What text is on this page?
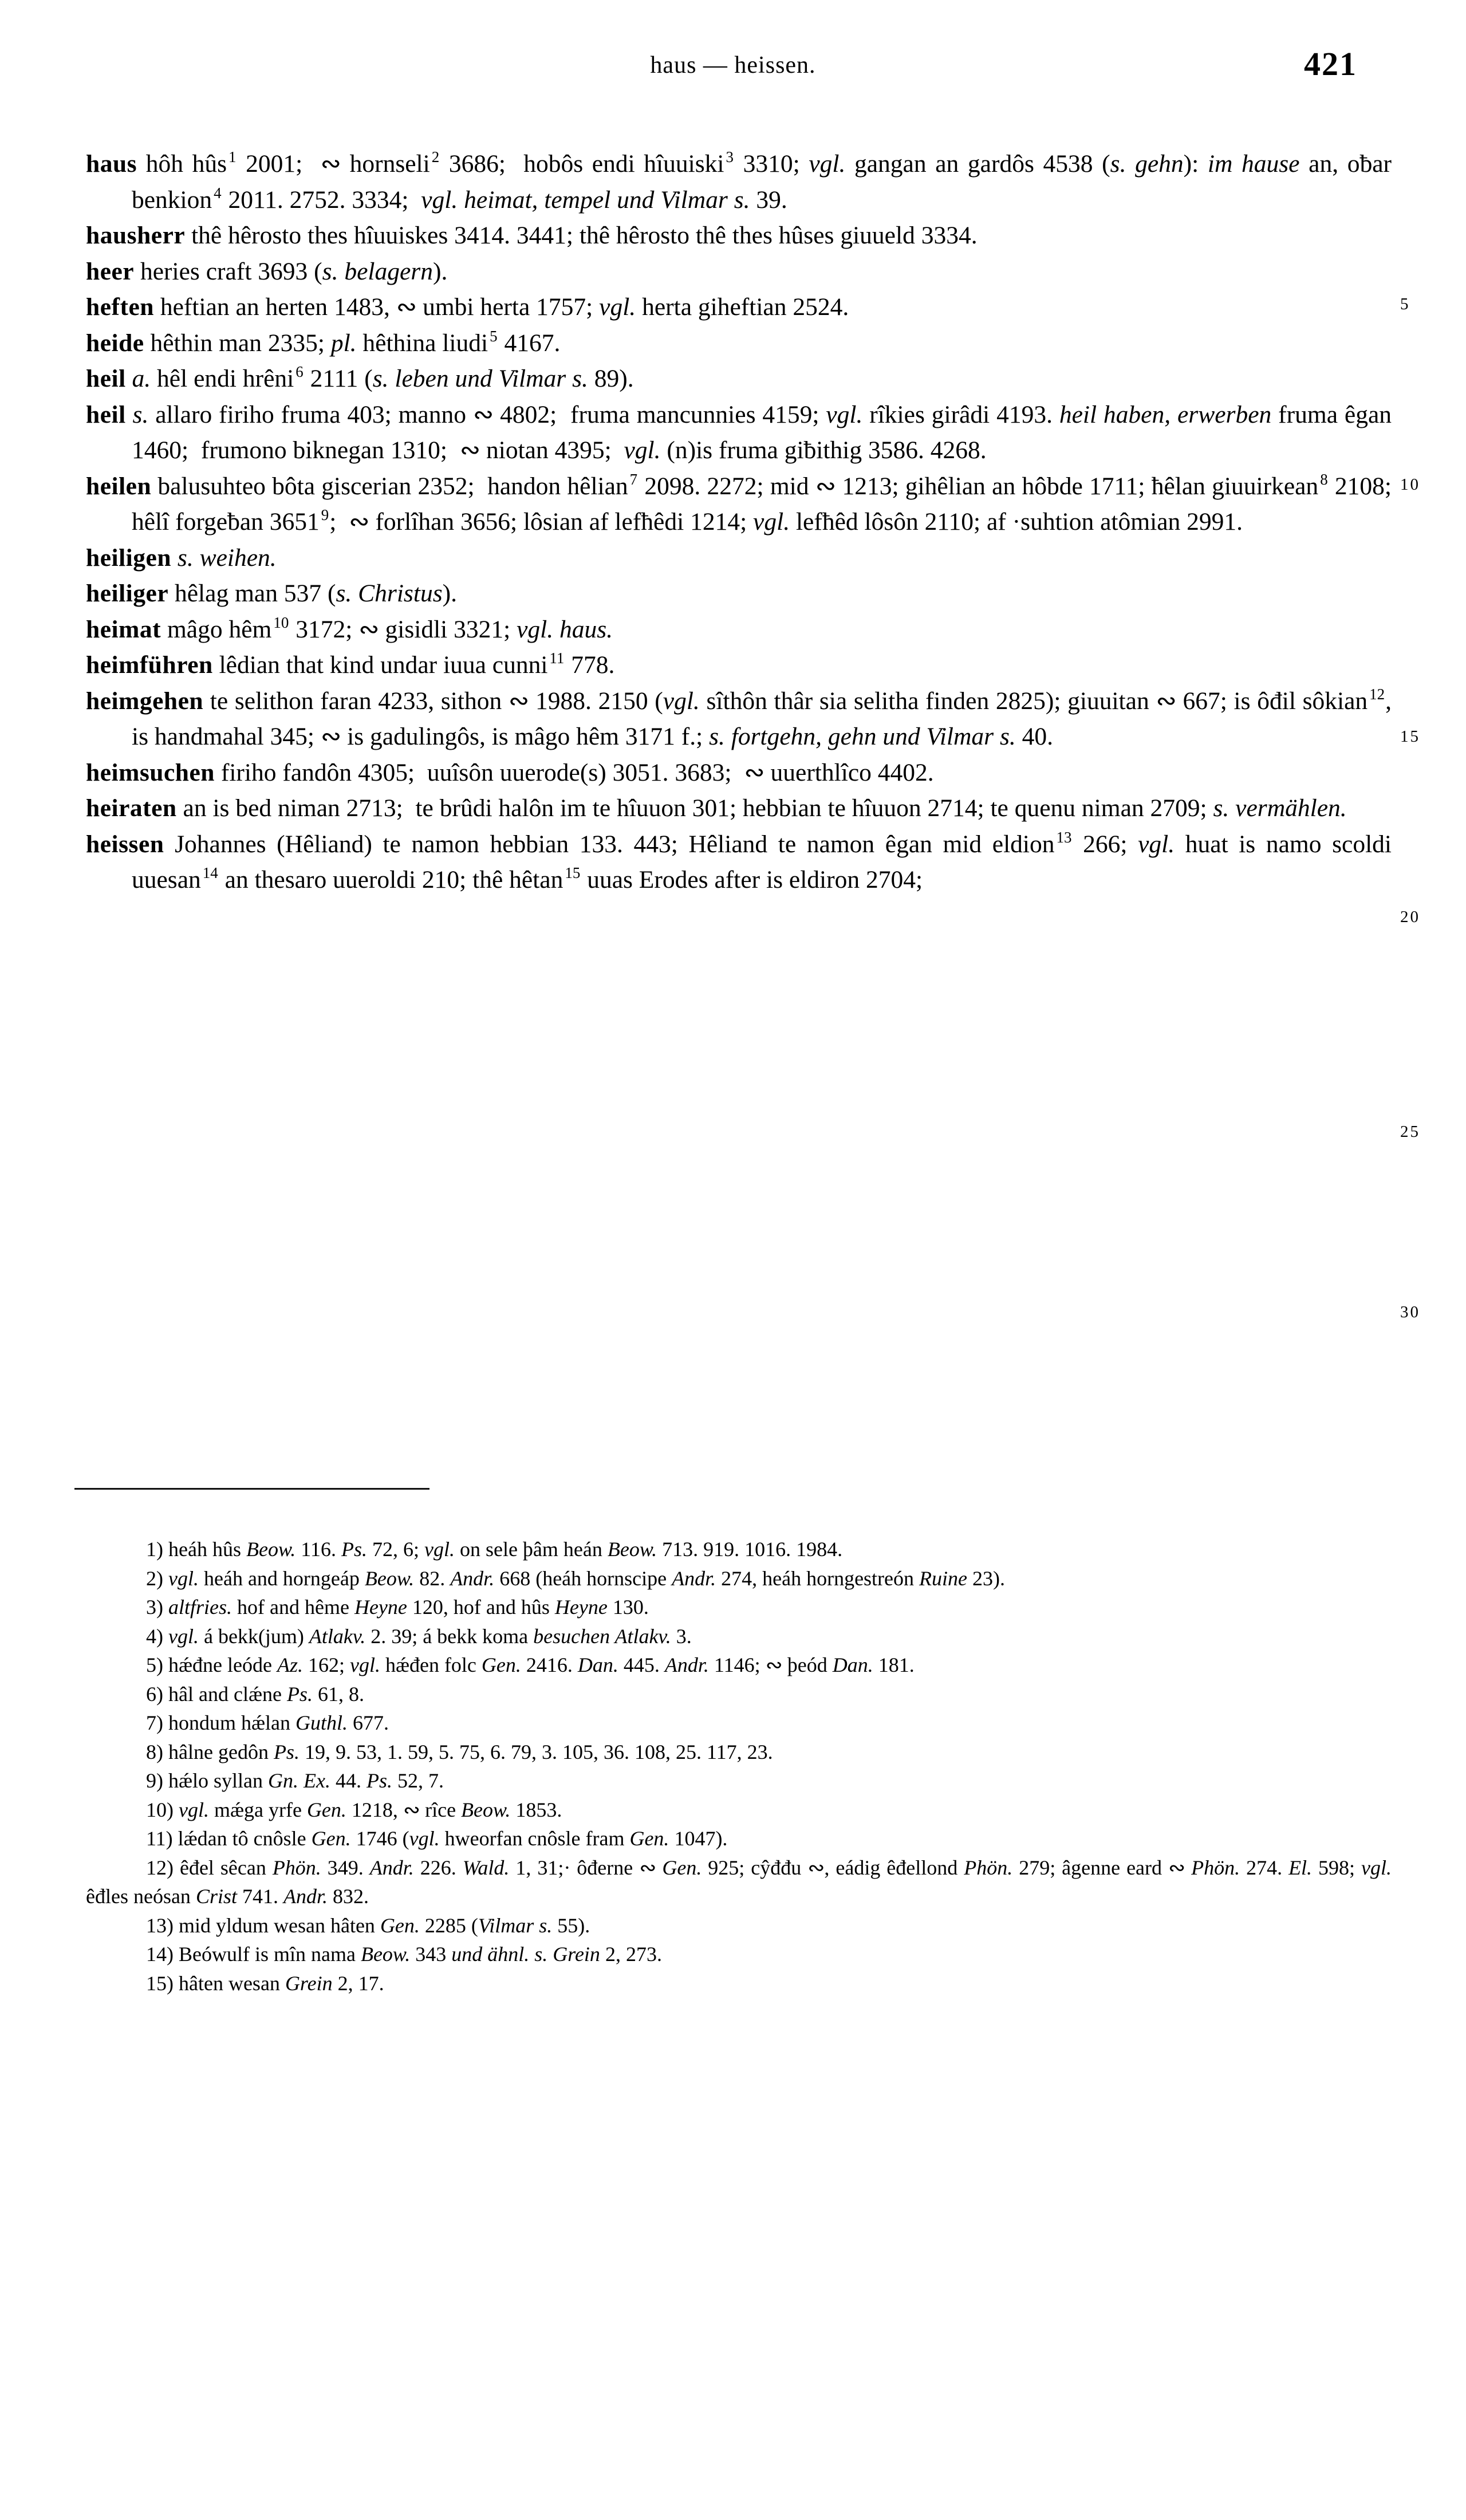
haus — heissen.	421
haus hôh hûs $^1$ 2001;  ∾ hornseli $^2$ 3686;  hobôs endi hîuuiski $^3$ 3310; vgl. gangan an gardôs 4538 (s. gehn): im hause an, oƀar benkion $^4$ 2011. 2752. 3334;  vgl. heimat, tempel und Vilmar s. 39.
hausherr thê hêrosto thes hîuuiskes 3414. 3441; thê hêrosto thê thes hûses giuueld 3334.
heer heries craft 3693 (s. belagern).
heften heftian an herten 1483, ∾ umbi herta 1757; vgl. herta giheftian 2524.
heide hêthin man 2335; pl. hêthina liudi $^5$ 4167.
heil a. hêl endi hrêni $^6$ 2111 (s. leben und Vilmar s. 89).
heil s. allaro firiho fruma 403; manno ∾ 4802;  fruma mancunnies 4159; vgl. rîkies girâdi 4193. heil haben, erwerben fruma êgan 1460;  frumono biknegan 1310;  ∾ niotan 4395;  vgl. (n)is fruma giƀithig 3586. 4268.
heilen balusuhteo bôta giscerian 2352;  handon hêlian $^7$ 2098. 2272; mid ∾ 1213; gihêlian an hôbde 1711; ħêlan giuuirkean $^8$ 2108; hêlî forgeƀan 3651 $^9$;  ∾ forlîhan 3656; lôsian af lefħêdi 1214; vgl. lefħêd lôsôn 2110; af ·suhtion atômian 2991.
heiligen s. weihen.
heiliger hêlag man 537 (s. Christus).
heimat mâgo hêm $^{10}$ 3172; ∾ gisidli 3321; vgl. haus.
heimführen lêdian that kind undar iuua cunni $^{11}$ 778.
heimgehen te selithon faran 4233, sithon ∾ 1988. 2150 (vgl. sîthôn thâr sia selitha finden 2825); giuuitan ∾ 667; is ôđil sôkian $^{12}$, is handmahal 345; ∾ is gadulingôs, is mâgo hêm 3171 f.; s. fortgehn, gehn und Vilmar s. 40.
heimsuchen firiho fandôn 4305;  uuîsôn uuerode(s) 3051. 3683;  ∾ uuerthlîco 4402.
heiraten an is bed niman 2713;  te brûdi halôn im te hîuuon 301; hebbian te hîuuon 2714; te quenu niman 2709; s. vermählen.
heissen Johannes (Hêliand) te namon hebbian 133. 443; Hêliand te namon êgan mid eldion $^{13}$ 266; vgl. huat is namo scoldi uuesan $^{14}$ an thesaro uueroldi 210; thê hêtan $^{15}$ uuas Erodes after is eldiron 2704;
5
10
15
20
25
30

1) heáh hûs Beow. 116. Ps. 72, 6; vgl. on sele þâm heán Beow. 713. 919. 1016. 1984.

2) vgl. heáh and horngeáp Beow. 82. Andr. 668 (heáh hornscipe Andr. 274, heáh horngestreón Ruine 23).

3) altfries. hof and hême Heyne 120, hof and hûs Heyne 130.

4) vgl. á bekk(jum) Atlakv. 2. 39; á bekk koma besuchen Atlakv. 3.

5) hǽđne leóde Az. 162; vgl. hǽđen folc Gen. 2416. Dan. 445. Andr. 1146; ∾ þeód Dan. 181.

6) hâl and clǽne Ps. 61, 8.

7) hondum hǽlan Guthl. 677.

8) hâlne gedôn Ps. 19, 9. 53, 1. 59, 5. 75, 6. 79, 3. 105, 36. 108, 25. 117, 23.

9) hǽlo syllan Gn. Ex. 44. Ps. 52, 7.

10) vgl. mǽga yrfe Gen. 1218, ∾ rîce Beow. 1853.

11) lǽdan tô cnôsle Gen. 1746 (vgl. hweorfan cnôsle fram Gen. 1047).

12) êđel sêcan Phön. 349. Andr. 226. Wald. 1, 31;· ôđerne ∾ Gen. 925; cŷđđu ∾, eádig êđellond Phön. 279; âgenne eard ∾ Phön. 274. El. 598; vgl. êđles neósan Crist 741. Andr. 832.

13) mid yldum wesan hâten Gen. 2285 (Vilmar s. 55).

14) Beówulf is mîn nama Beow. 343 und ähnl. s. Grein 2, 273.

15) hâten wesan Grein 2, 17.
